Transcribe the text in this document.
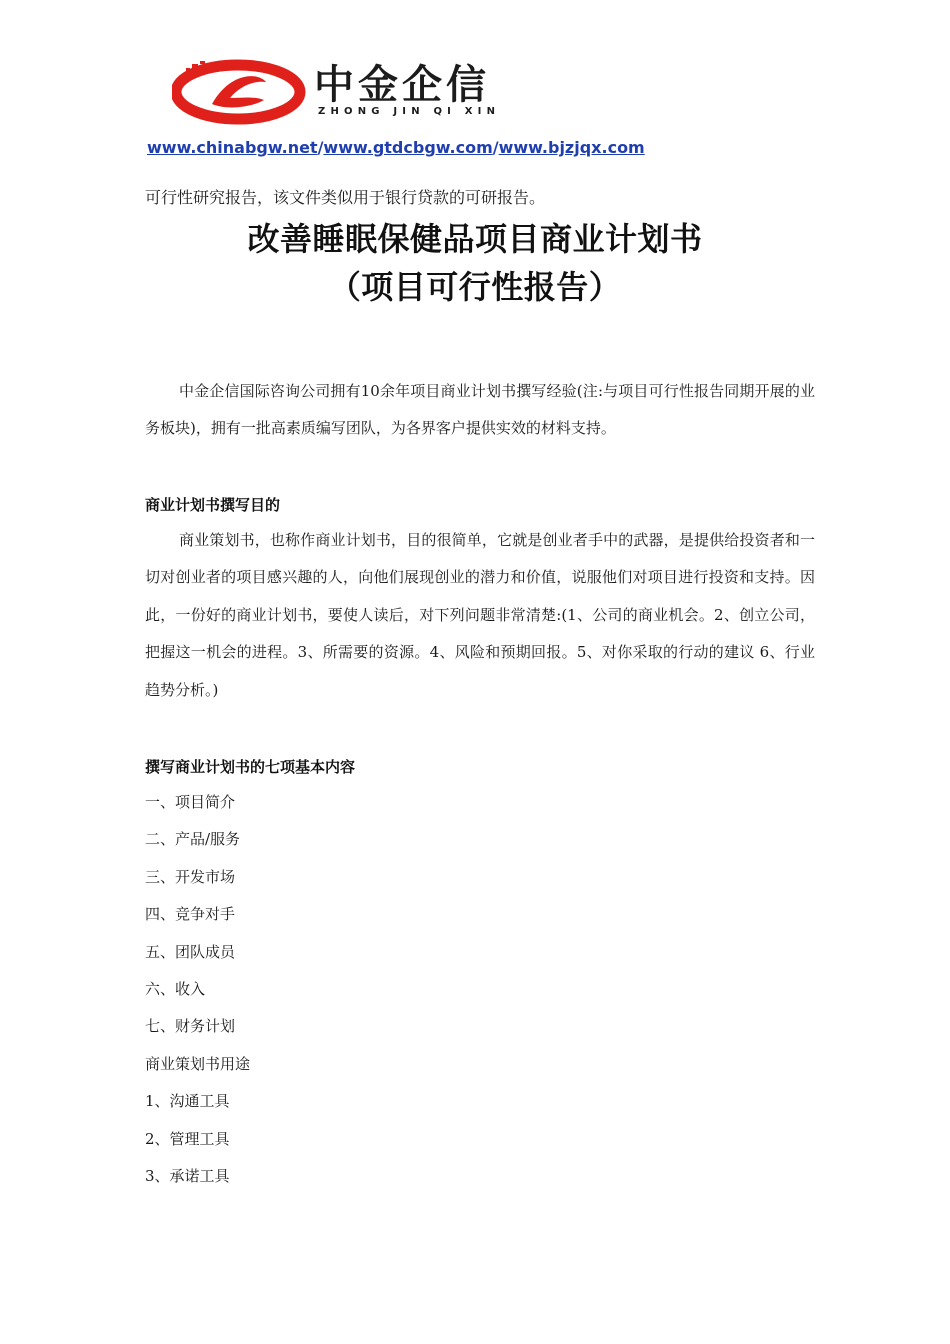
中金企信
ZHONG JIN QI XIN
www.chinabgw.net/www.gtdcbgw.com/www.bjzjqx.com
可行性研究报告，该文件类似用于银行贷款的可研报告。
改善睡眠保健品项目商业计划书
（项目可行性报告）

中金企信国际咨询公司拥有10余年项目商业计划书撰写经验(注:与项目可行性报告同期开展的业务板块)，拥有一批高素质编写团队，为各界客户提供实效的材料支持。

商业计划书撰写目的

商业策划书，也称作商业计划书，目的很简单，它就是创业者手中的武器，是提供给投资者和一切对创业者的项目感兴趣的人，向他们展现创业的潜力和价值，说服他们对项目进行投资和支持。因此，一份好的商业计划书，要使人读后，对下列问题非常清楚:(1、公司的商业机会。2、创立公司，把握这一机会的进程。3、所需要的资源。4、风险和预期回报。5、对你采取的行动的建议 6、行业趋势分析。)

撰写商业计划书的七项基本内容
一、项目简介
二、产品/服务
三、开发市场
四、竞争对手
五、团队成员
六、收入
七、财务计划
商业策划书用途
1、沟通工具
2、管理工具
3、承诺工具
